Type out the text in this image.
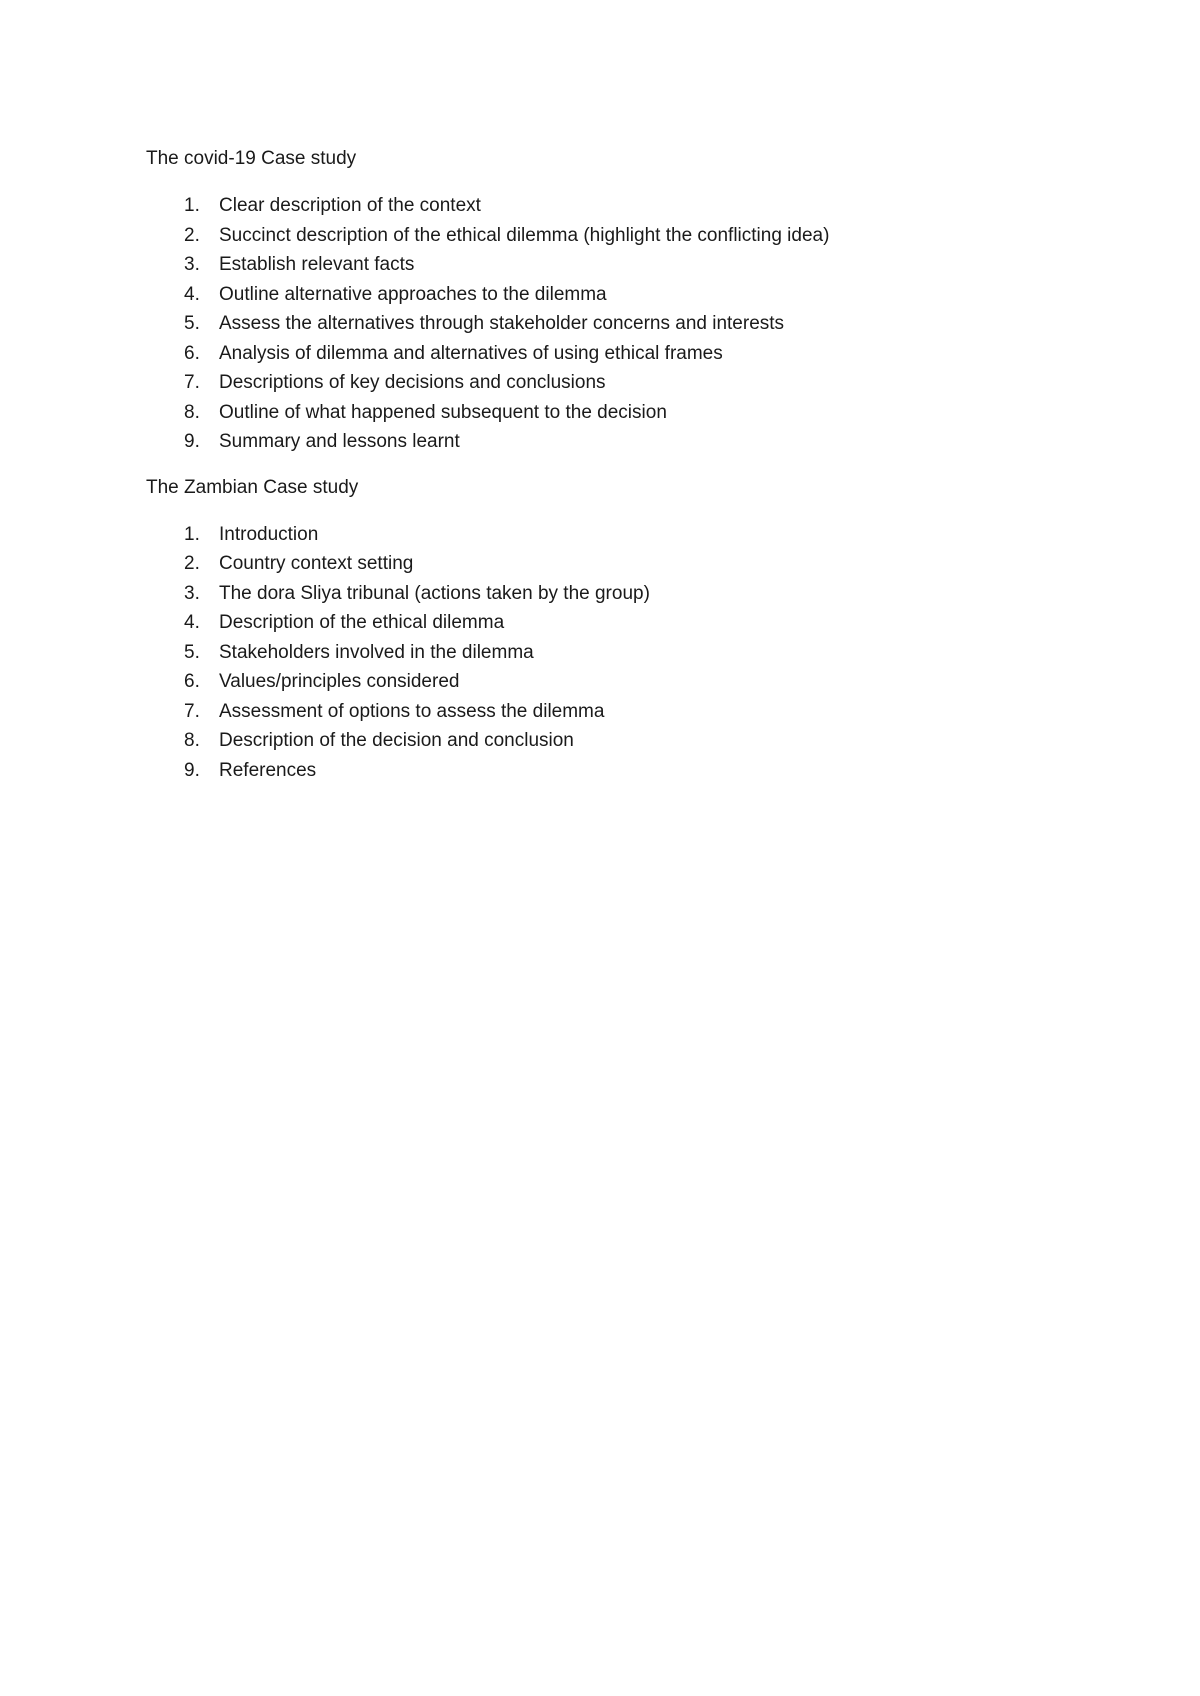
The covid-19 Case study

1.	Clear description of the context
2.	Succinct description of the ethical dilemma (highlight the conflicting idea)
3.	Establish relevant facts
4.	Outline alternative approaches to the dilemma
5.	Assess the alternatives through stakeholder concerns and interests
6.	Analysis of dilemma and alternatives of using ethical frames
7.	Descriptions of key decisions and conclusions
8.	Outline of what happened subsequent to the decision
9.	Summary and lessons learnt

The Zambian Case study

1.	Introduction
2.	Country context setting
3.	The dora Sliya tribunal (actions taken by the group)
4.	Description of the ethical dilemma
5.	Stakeholders involved in the dilemma
6.	Values/principles considered
7.	Assessment of options to assess the dilemma
8.	Description of the decision and conclusion
9.	References
